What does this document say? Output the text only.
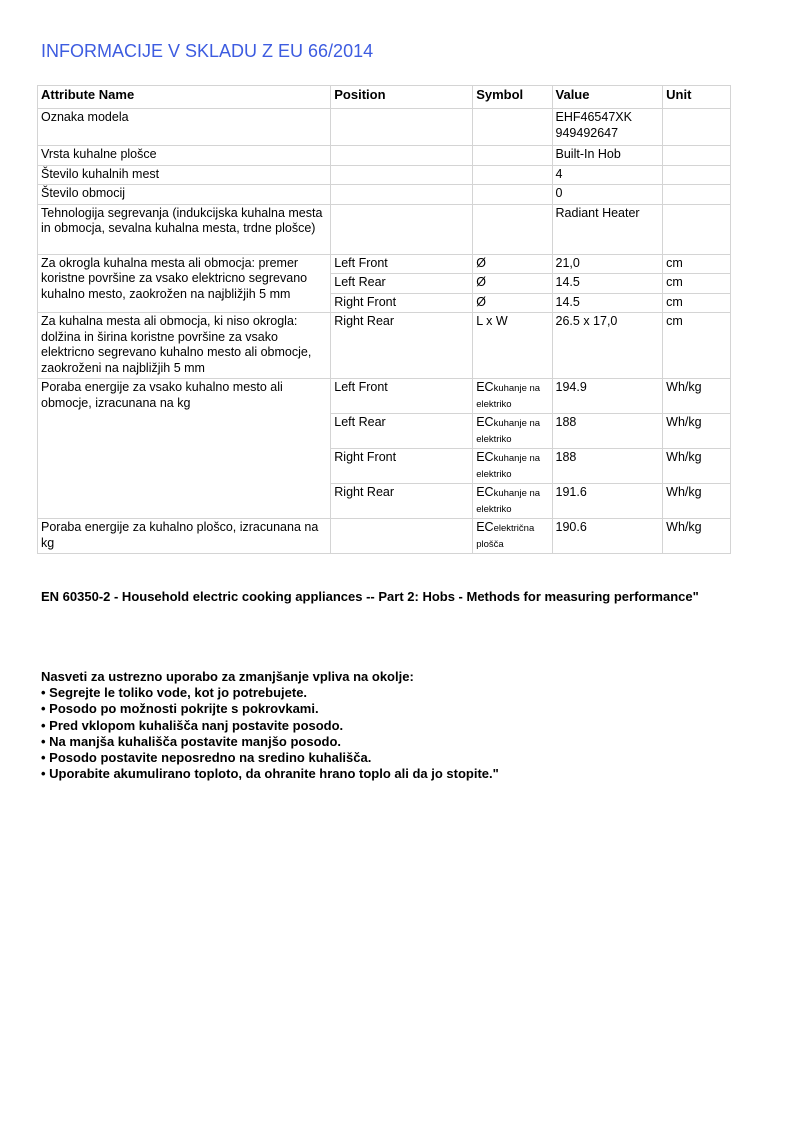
INFORMACIJE V SKLADU Z EU 66/2014
Attribute Name	Position	Symbol	Value	Unit
Oznaka modela			EHF46547XK
949492647	

Vrsta kuhalne plošce			Built-In Hob	
Število kuhalnih mest			4	
Število obmocij			0	
Tehnologija segrevanja (indukcijska kuhalna mesta in obmocja, sevalna kuhalna mesta, trdne plošce)			Radiant Heater	
Za okrogla kuhalna mesta ali obmocja: premer koristne površine za vsako elektricno segrevano kuhalno mesto, zaokrožen na najbližjih 5 mm	Left Front	Ø	21,0	cm
	Left Rear	Ø	14.5	cm
	Right Front	Ø	14.5	cm
Za kuhalna mesta ali obmocja, ki niso okrogla: dolžina in širina koristne površine za vsako elektricno segrevano kuhalno mesto ali obmocje, zaokroženi na najbližjih 5 mm	Right Rear	L x W	26.5 x 17,0	cm
Poraba energije za vsako kuhalno mesto ali obmocje, izracunana na kg	Left Front	ECkuhanje na elektriko	194.9	Wh/kg
	Left Rear	ECkuhanje na elektriko	188	Wh/kg
	Right Front	ECkuhanje na elektriko	188	Wh/kg
	Right Rear	ECkuhanje na elektriko	191.6	Wh/kg
Poraba energije za kuhalno plošco, izracunana na kg		ECelektrična plošča	190.6	Wh/kg
EN 60350-2 - Household electric cooking appliances -- Part 2: Hobs - Methods for measuring performance"
Nasveti za ustrezno uporabo za zmanjšanje vpliva na okolje:
• Segrejte le toliko vode, kot jo potrebujete.
• Posodo po možnosti pokrijte s pokrovkami.
• Pred vklopom kuhališča nanj postavite posodo.
• Na manjša kuhališča postavite manjšo posodo.
• Posodo postavite neposredno na sredino kuhališča.
• Uporabite akumulirano toploto, da ohranite hrano toplo ali da jo stopite."
